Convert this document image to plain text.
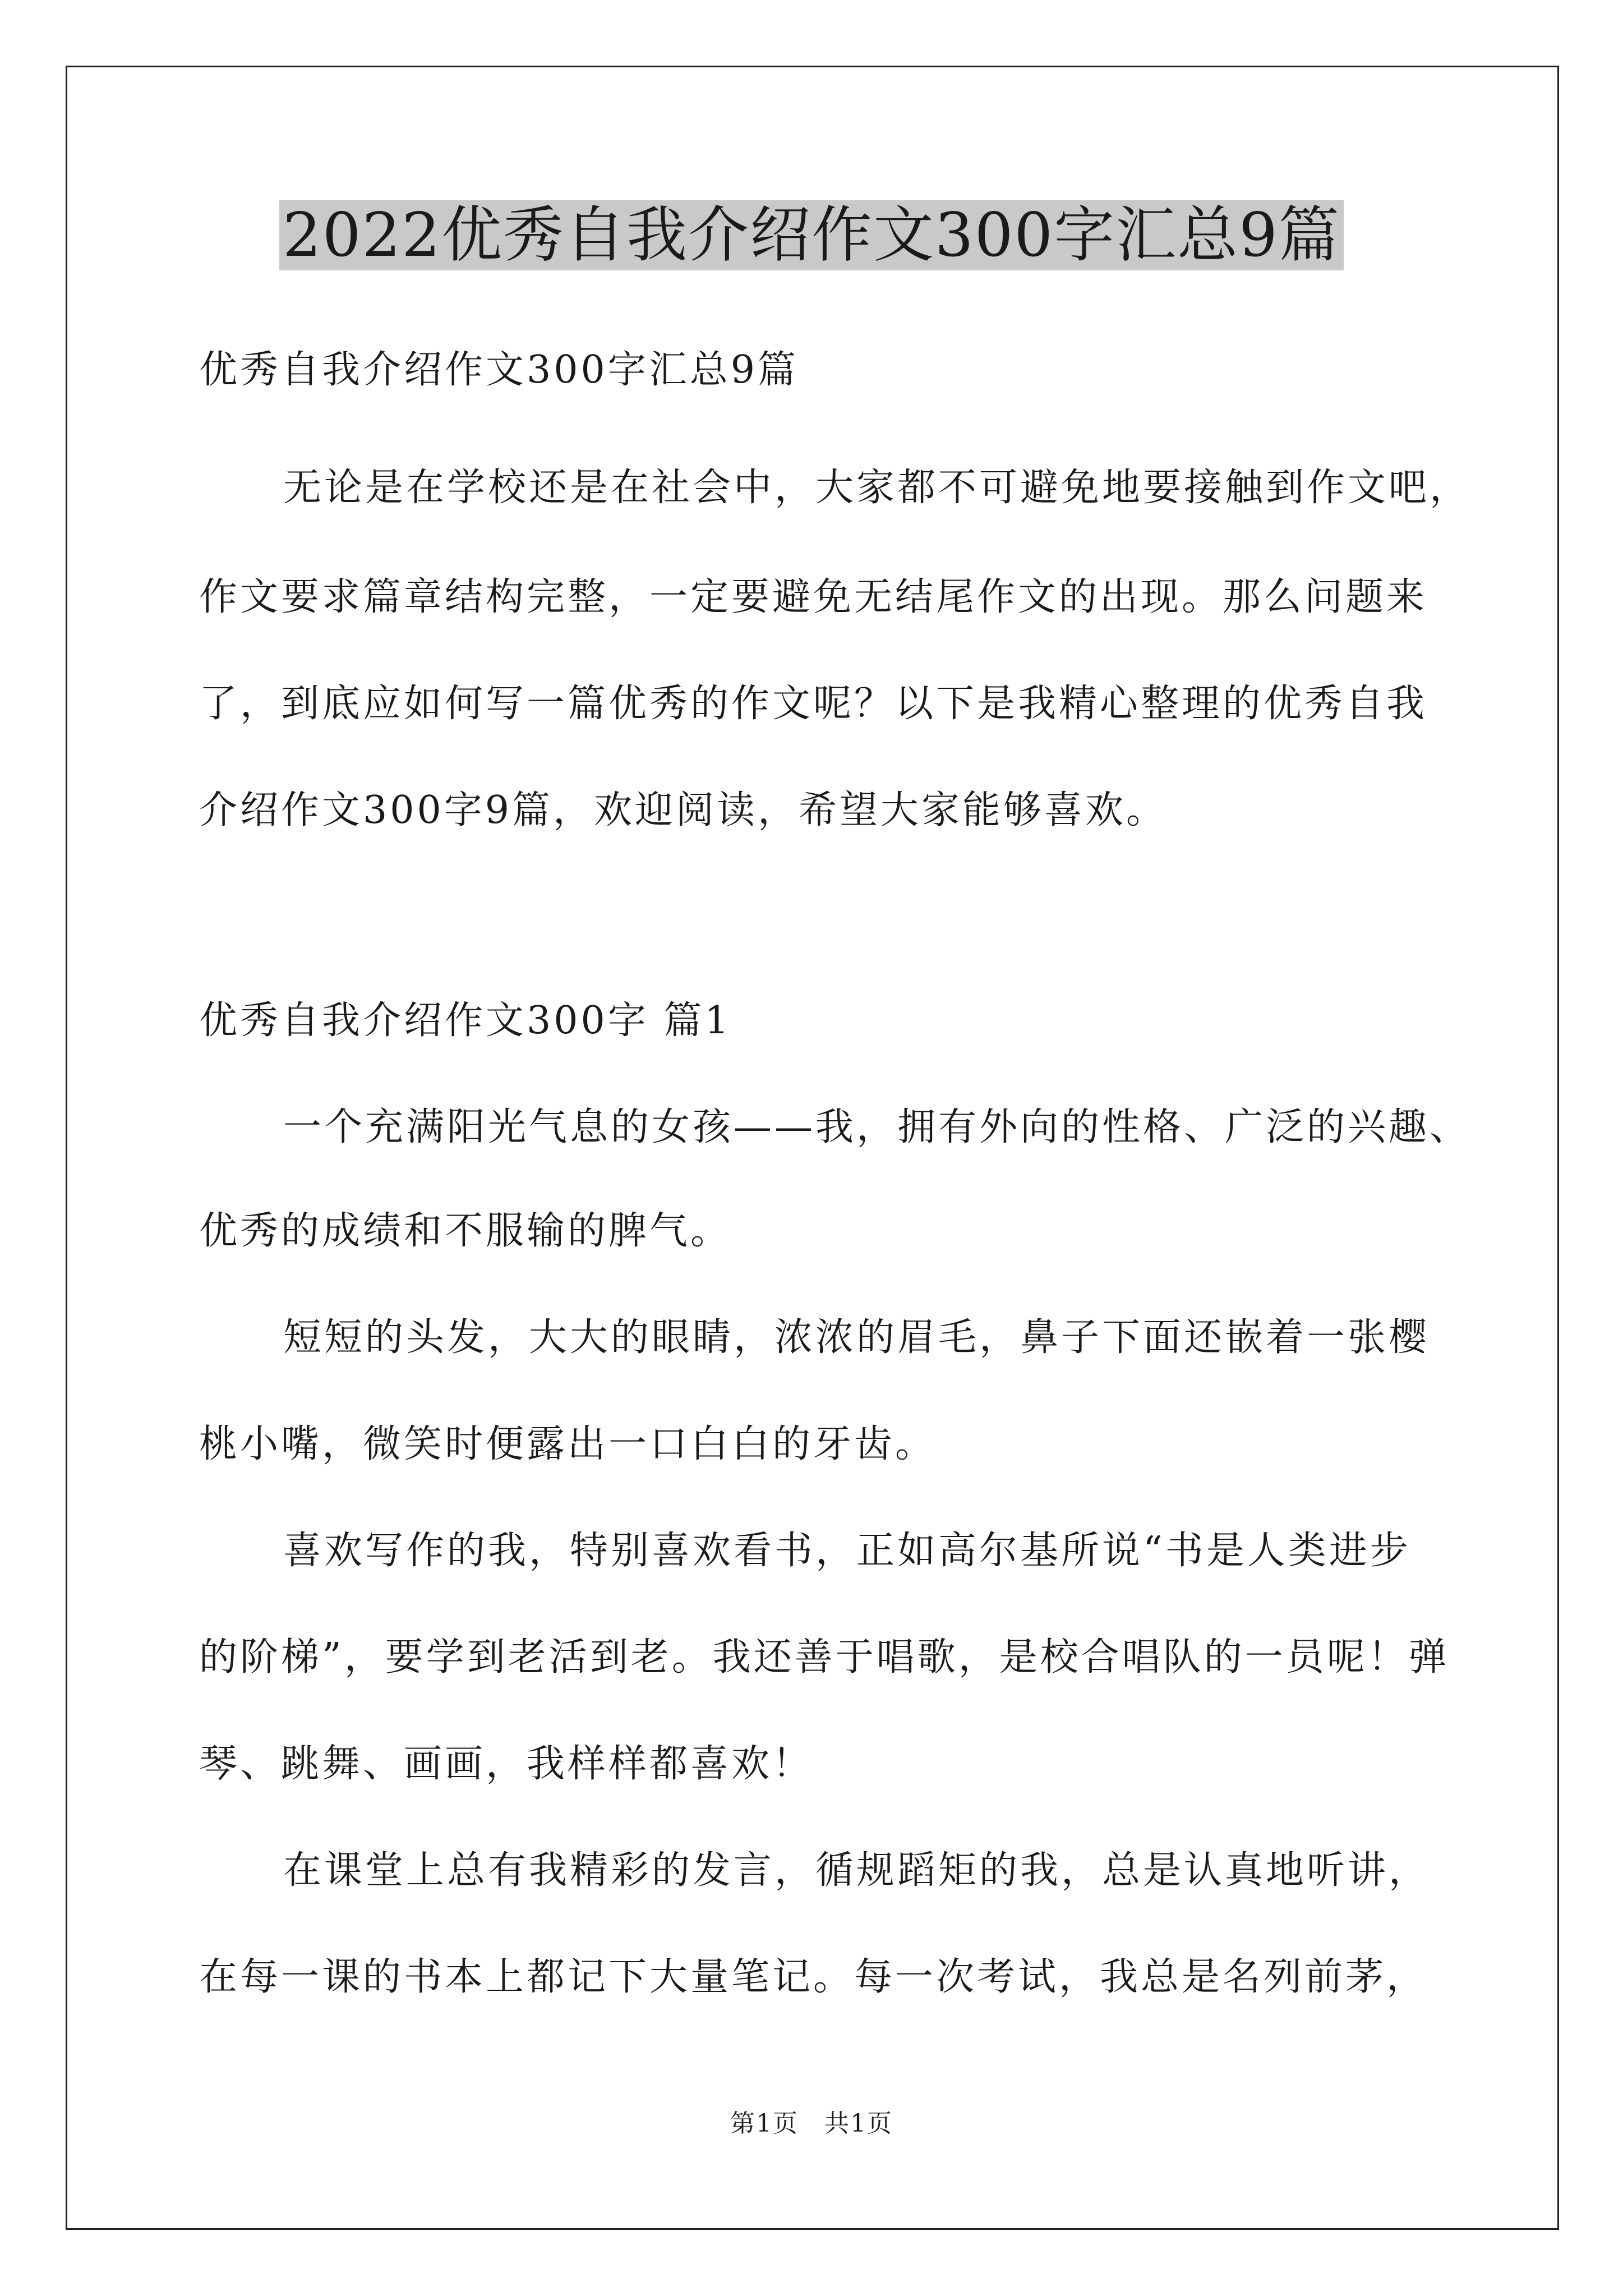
2022优秀自我介绍作文300字汇总9篇
优秀自我介绍作文300字汇总9篇
无论是在学校还是在社会中，大家都不可避免地要接触到作文吧，
作文要求篇章结构完整，一定要避免无结尾作文的出现。那么问题来
了，到底应如何写一篇优秀的作文呢？以下是我精心整理的优秀自我
介绍作文300字9篇，欢迎阅读，希望大家能够喜欢。
优秀自我介绍作文300字 篇1
一个充满阳光气息的女孩——我，拥有外向的性格、广泛的兴趣、
优秀的成绩和不服输的脾气。
短短的头发，大大的眼睛，浓浓的眉毛，鼻子下面还嵌着一张樱
桃小嘴，微笑时便露出一口白白的牙齿。
喜欢写作的我，特别喜欢看书，正如高尔基所说“书是人类进步
的阶梯”，要学到老活到老。我还善于唱歌，是校合唱队的一员呢！弹
琴、跳舞、画画，我样样都喜欢！
在课堂上总有我精彩的发言，循规蹈矩的我，总是认真地听讲，
在每一课的书本上都记下大量笔记。每一次考试，我总是名列前茅，
第1页　共1页
